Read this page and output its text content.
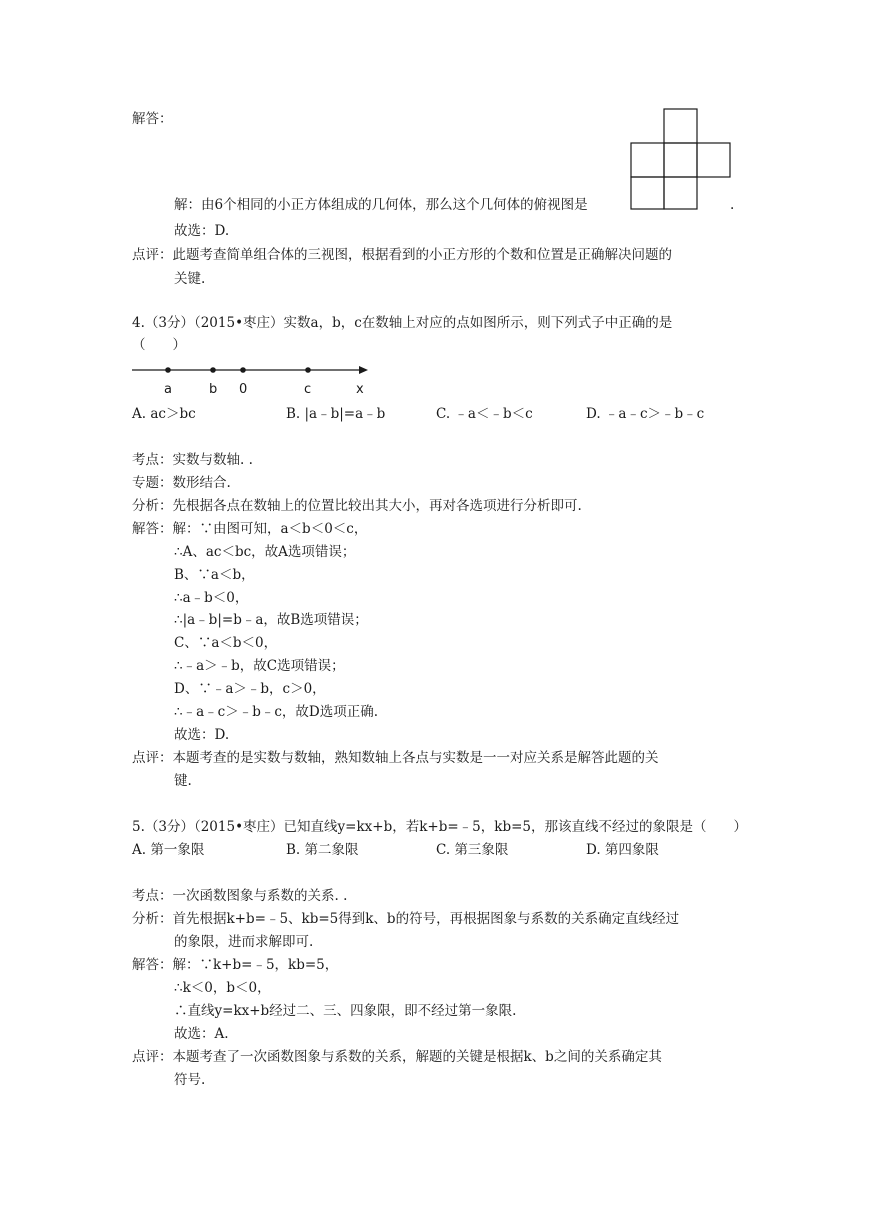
解答：
解：由6个相同的小正方体组成的几何体，那么这个几何体的俯视图是	.
故选：D.
点评：此题考查简单组合体的三视图，根据看到的小正方形的个数和位置是正确解决问题的
关键.
4.（3分）（2015•枣庄）实数a，b，c在数轴上对应的点如图所示，则下列式子中正确的是
（　　）
a	b 0	c	x
A. ac＞bc	B. |a﹣b|=a﹣b	C. ﹣a＜﹣b＜c	D. ﹣a﹣c＞﹣b﹣c
考点：实数与数轴. .
专题：数形结合.
分析：先根据各点在数轴上的位置比较出其大小，再对各选项进行分析即可.
解答：解：∵由图可知，a＜b＜0＜c，
∴A、ac＜bc，故A选项错误；
B、∵a＜b，
∴a﹣b＜0，
∴|a﹣b|=b﹣a，故B选项错误；
C、∵a＜b＜0，
∴﹣a＞﹣b，故C选项错误；
D、∵﹣a＞﹣b，c＞0，
∴﹣a﹣c＞﹣b﹣c，故D选项正确.
故选：D.
点评：本题考查的是实数与数轴，熟知数轴上各点与实数是一一对应关系是解答此题的关
键.
5.（3分）（2015•枣庄）已知直线y=kx+b，若k+b=﹣5，kb=5，那该直线不经过的象限是（　　）
A. 第一象限	B. 第二象限	C. 第三象限	D. 第四象限
考点：一次函数图象与系数的关系. .
分析：首先根据k+b=﹣5、kb=5得到k、b的符号，再根据图象与系数的关系确定直线经过
的象限，进而求解即可.
解答：解：∵k+b=﹣5，kb=5，
∴k＜0，b＜0，
∴直线y=kx+b经过二、三、四象限，即不经过第一象限.
故选：A.
点评：本题考查了一次函数图象与系数的关系，解题的关键是根据k、b之间的关系确定其
符号.
